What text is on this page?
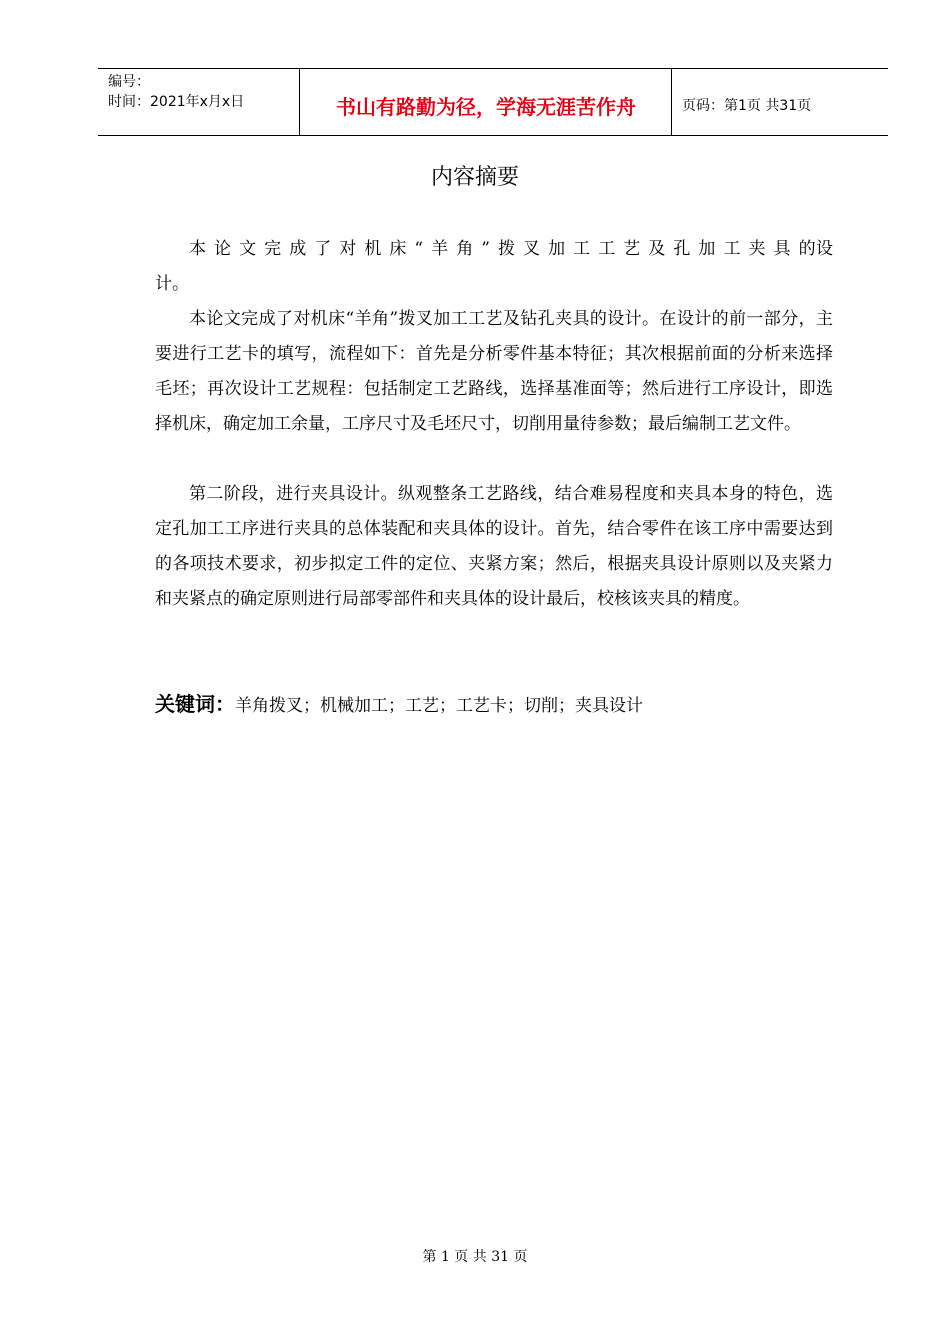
编号：
时间：2021年x月x日	书山有路勤为径，学海无涯苦作舟	页码：第1页 共31页
内容摘要

本论文完成了对机床“羊角”拨叉加工工艺及孔加工夹具的设计。

本论文完成了对机床“羊角”拨叉加工工艺及钻孔夹具的设计。在设计的前一部分，主要进行工艺卡的填写，流程如下：首先是分析零件基本特征；其次根据前面的分析来选择毛坯；再次设计工艺规程：包括制定工艺路线，选择基准面等；然后进行工序设计，即选择机床，确定加工余量，工序尺寸及毛坯尺寸，切削用量待参数；最后编制工艺文件。

第二阶段，进行夹具设计。纵观整条工艺路线，结合难易程度和夹具本身的特色，选定孔加工工序进行夹具的总体装配和夹具体的设计。首先，结合零件在该工序中需要达到的各项技术要求，初步拟定工件的定位、夹紧方案；然后，根据夹具设计原则以及夹紧力和夹紧点的确定原则进行局部零部件和夹具体的设计最后，校核该夹具的精度。

关键词：羊角拨叉；机械加工；工艺；工艺卡；切削；夹具设计
第 1 页 共 31 页
